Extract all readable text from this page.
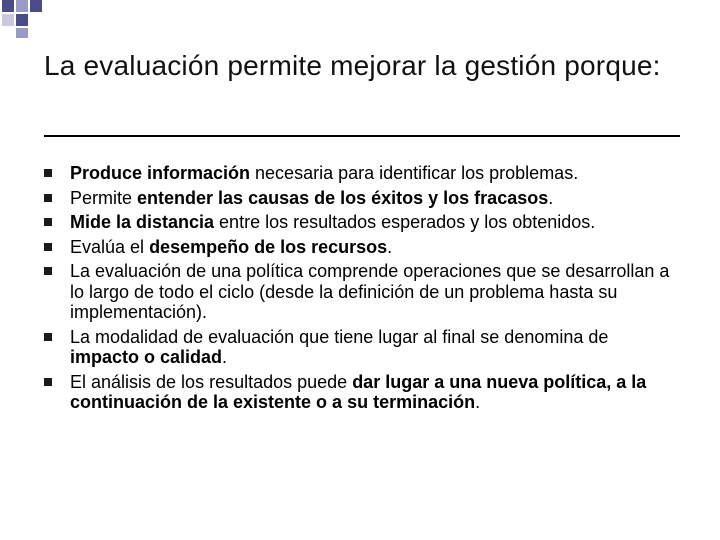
La evaluación permite mejorar la gestión porque:
Produce información necesaria para identificar los problemas.
Permite entender las causas de los éxitos y los fracasos.
Mide la distancia entre los resultados esperados y los obtenidos.
Evalúa el desempeño de los recursos.
La evaluación de una política comprende operaciones que se desarrollan a lo largo de todo el ciclo (desde la definición de un problema hasta su implementación).
La modalidad de evaluación que tiene lugar al final se denomina de impacto o calidad.
El análisis de los resultados puede dar lugar a una nueva política, a la continuación de la existente o a su terminación.
